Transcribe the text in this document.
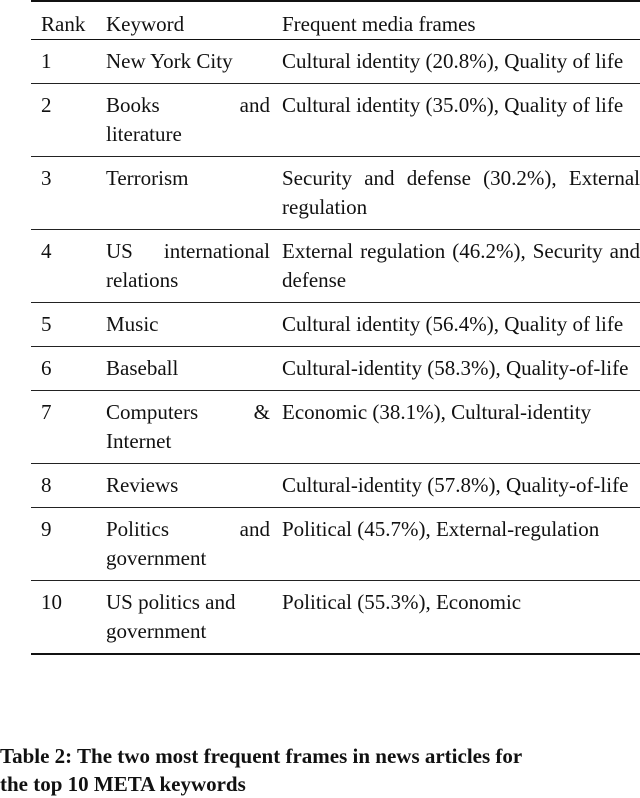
Rank	Keyword	Frequent media frames
1	New York City	Cultural identity (20.8%), Quality of life
2	Books and literature	Cultural identity (35.0%), Quality of life
3	Terrorism	Security and defense (30.2%), External regulation
4	US international relations	External regulation (46.2%), Security and defense
5	Music	Cultural identity (56.4%), Quality of life
6	Baseball	Cultural-identity (58.3%), Quality-of-life
7	Computers & Internet	Economic (38.1%), Cultural-identity
8	Reviews	Cultural-identity (57.8%), Quality-of-life
9	Politics and government	Political (45.7%), External-regulation
10	US politics and government	Political (55.3%), Economic
Table 2: The two most frequent frames in news articles for
the top 10 META keywords
